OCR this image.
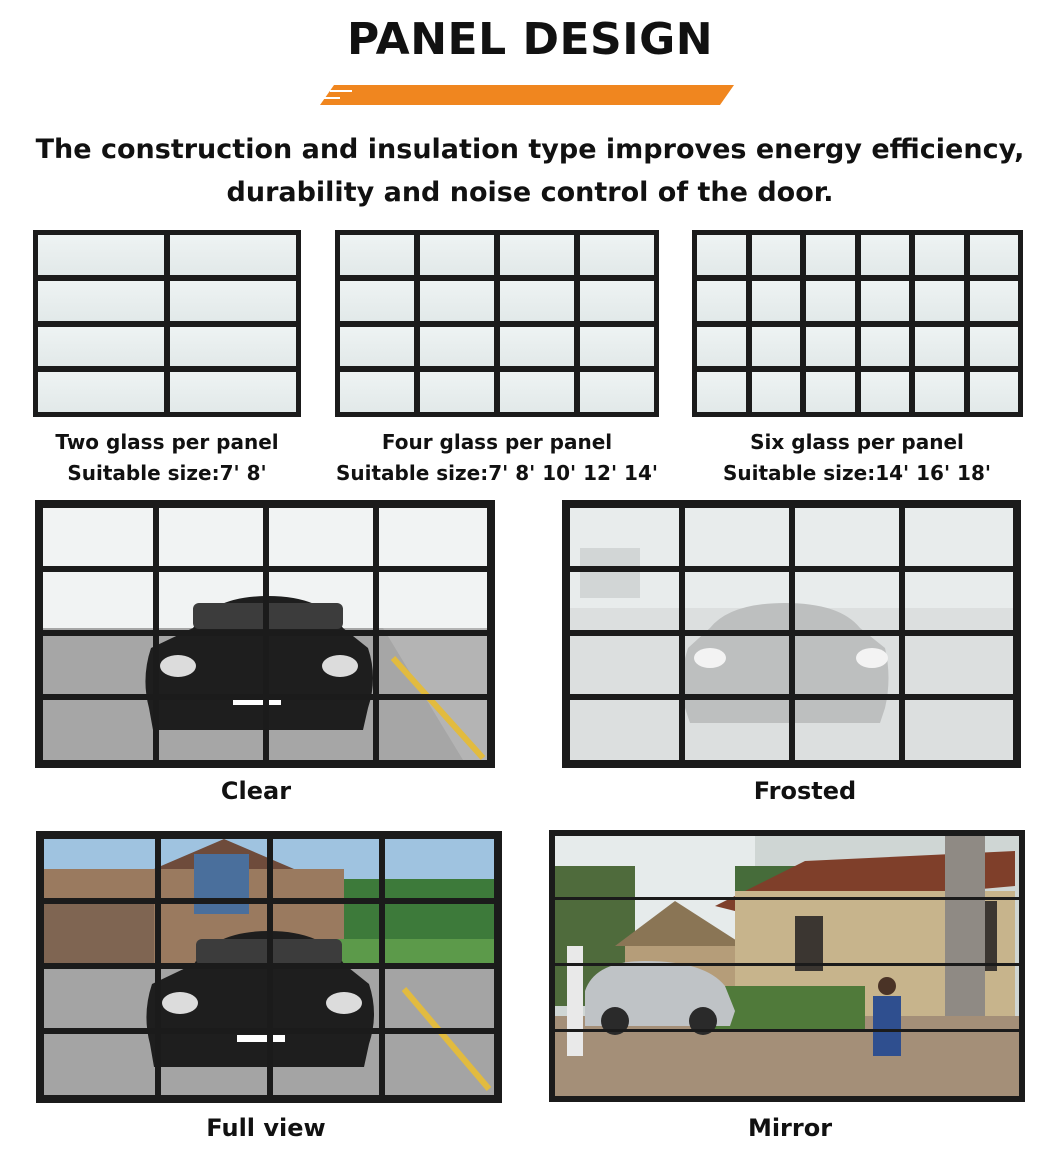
PANEL DESIGN
The construction and insulation type improves energy efficiency,
durability and noise control of the door.
Two glass per panel
Suitable size:7' 8'
Four glass per panel
Suitable size:7' 8' 10' 12' 14'
Six glass per panel
Suitable size:14' 16' 18'
Clear	Frosted
Full view	Mirror
